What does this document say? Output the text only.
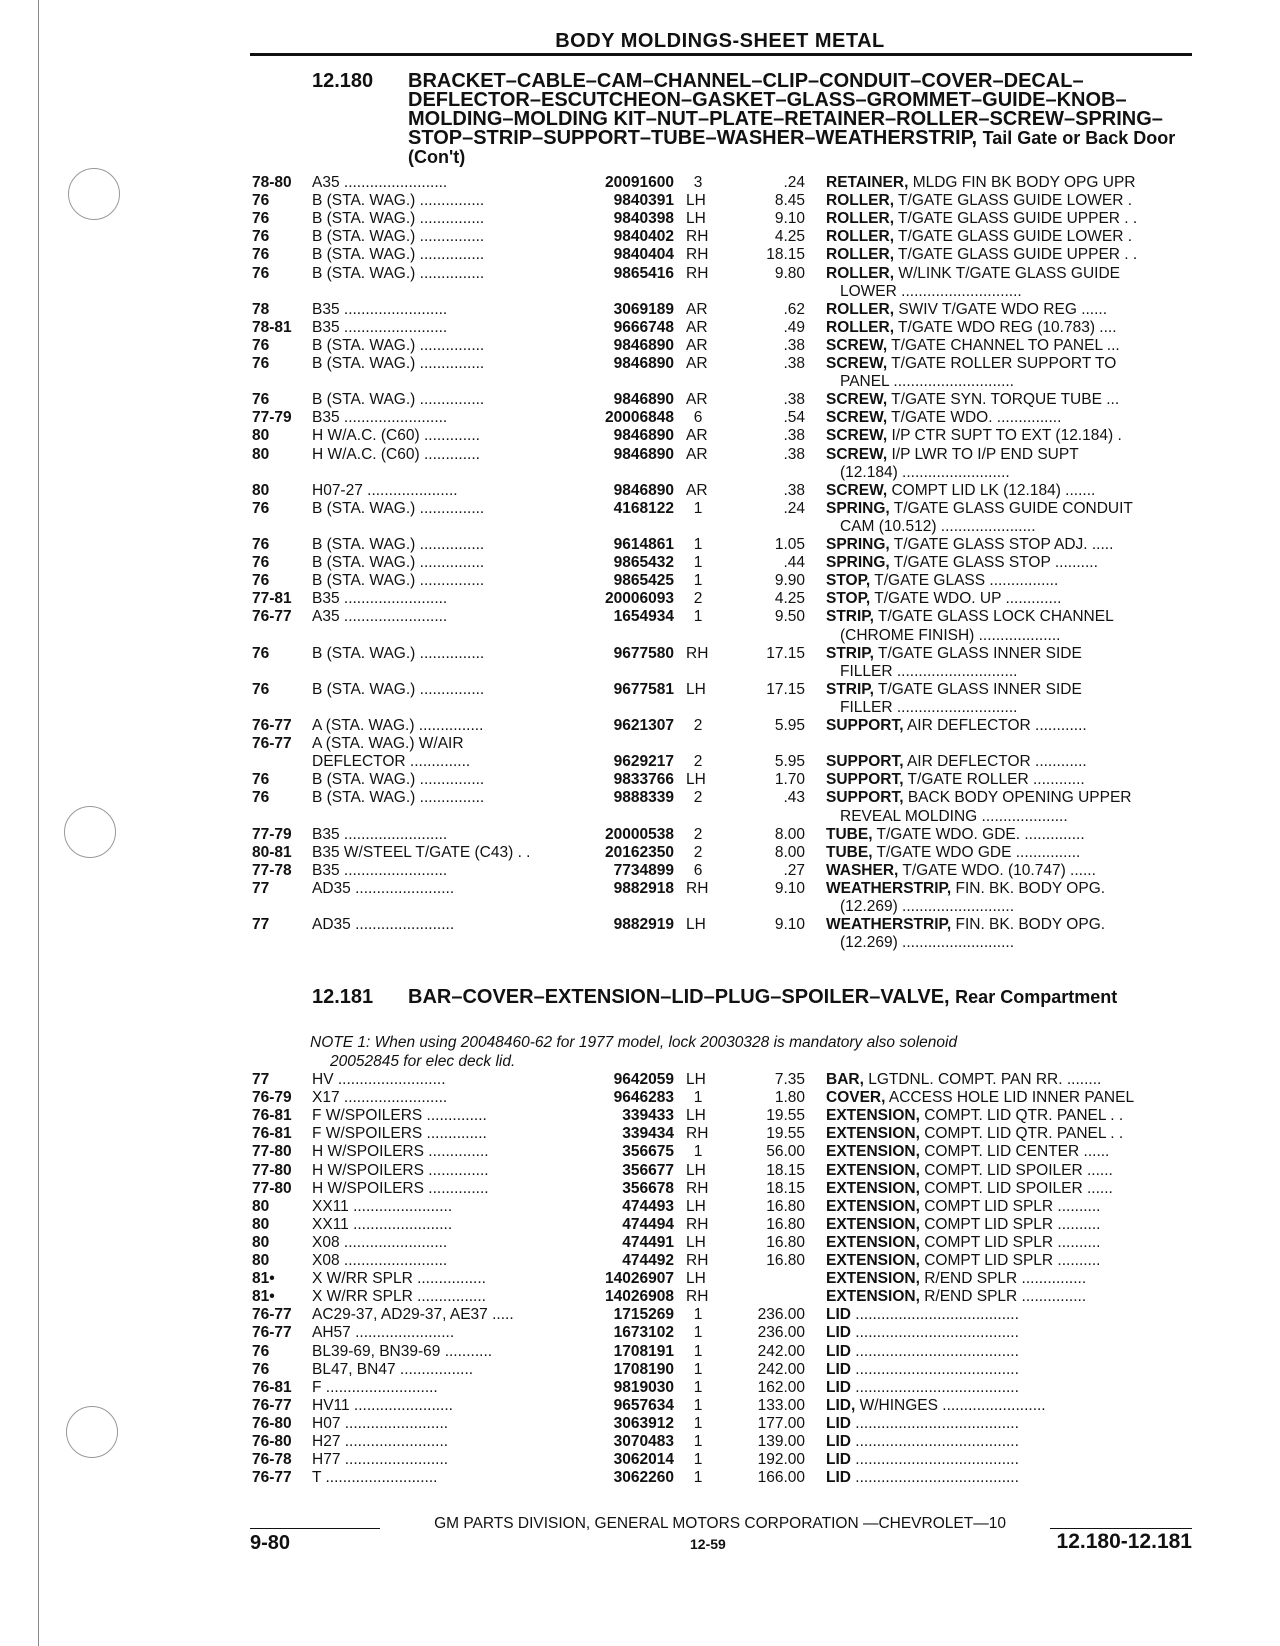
BODY MOLDINGS-SHEET METAL
12.180 BRACKET–CABLE–CAM–CHANNEL–CLIP–CONDUIT–COVER–DECAL–DEFLECTOR–ESCUTCHEON–GASKET–GLASS–GROMMET–GUIDE–KNOB–MOLDING–MOLDING KIT–NUT–PLATE–RETAINER–ROLLER–SCREW–SPRING–STOP–STRIP–SUPPORT–TUBE–WASHER–WEATHERSTRIP, Tail Gate or Back Door (Con't)
12.181 BAR–COVER–EXTENSION–LID–PLUG–SPOILER–VALVE, Rear Compartment
NOTE 1: When using 20048460-62 for 1977 model, lock 20030328 is mandatory also solenoid
20052845 for elec deck lid.
78-80 A35 ........................	20091600	3	.24 RETAINER, MLDG FIN BK BODY OPG UPR
76	B (STA. WAG.) ...............	9840391 LH	8.45 ROLLER, T/GATE GLASS GUIDE LOWER .
76	B (STA. WAG.) ...............	9840398 LH	9.10 ROLLER, T/GATE GLASS GUIDE UPPER . .
76	B (STA. WAG.) ...............	9840402 RH	4.25 ROLLER, T/GATE GLASS GUIDE LOWER .
76	B (STA. WAG.) ...............	9840404 RH	18.15 ROLLER, T/GATE GLASS GUIDE UPPER . .
76	B (STA. WAG.) ...............	9865416 RH	9.80 ROLLER, W/LINK T/GATE GLASS GUIDE
LOWER ............................
78	B35 ........................	3069189 AR	.62 ROLLER, SWIV T/GATE WDO REG ......
78-81 B35 ........................	9666748 AR	.49 ROLLER, T/GATE WDO REG (10.783) ....
76	B (STA. WAG.) ...............	9846890 AR	.38 SCREW, T/GATE CHANNEL TO PANEL ...
76	B (STA. WAG.) ...............	9846890 AR	.38 SCREW, T/GATE ROLLER SUPPORT TO
PANEL ............................
76	B (STA. WAG.) ...............	9846890 AR	.38 SCREW, T/GATE SYN. TORQUE TUBE ...
77-79 B35 ........................	20006848	6	.54 SCREW, T/GATE WDO. ...............
80	H W/A.C. (C60) .............	9846890 AR	.38 SCREW, I/P CTR SUPT TO EXT (12.184) .
80	H W/A.C. (C60) .............	9846890 AR	.38 SCREW, I/P LWR TO I/P END SUPT
(12.184) .........................
80	H07-27 .....................	9846890 AR	.38 SCREW, COMPT LID LK (12.184) .......
76	B (STA. WAG.) ...............	4168122	1	.24 SPRING, T/GATE GLASS GUIDE CONDUIT
CAM (10.512) ......................
76	B (STA. WAG.) ...............	9614861	1	1.05 SPRING, T/GATE GLASS STOP ADJ. .....
76	B (STA. WAG.) ...............	9865432	1	.44 SPRING, T/GATE GLASS STOP ..........
76	B (STA. WAG.) ...............	9865425	1	9.90 STOP, T/GATE GLASS ................
77-81 B35 ........................	20006093	2	4.25 STOP, T/GATE WDO. UP .............
76-77 A35 ........................	1654934	1	9.50 STRIP, T/GATE GLASS LOCK CHANNEL
(CHROME FINISH) ...................
76	B (STA. WAG.) ...............	9677580 RH	17.15 STRIP, T/GATE GLASS INNER SIDE
FILLER ............................
76	B (STA. WAG.) ...............	9677581 LH	17.15 STRIP, T/GATE GLASS INNER SIDE
FILLER ............................
76-77 A (STA. WAG.) ...............	9621307	2	5.95 SUPPORT, AIR DEFLECTOR ............
76-77 A (STA. WAG.) W/AIR
DEFLECTOR ..............	9629217	2	5.95 SUPPORT, AIR DEFLECTOR ............
76	B (STA. WAG.) ...............	9833766 LH	1.70 SUPPORT, T/GATE ROLLER ............
76	B (STA. WAG.) ...............	9888339	2	.43 SUPPORT, BACK BODY OPENING UPPER
REVEAL MOLDING ....................
77-79 B35 ........................	20000538	2	8.00 TUBE, T/GATE WDO. GDE. ..............
80-81 B35 W/STEEL T/GATE (C43) . .	20162350	2	8.00 TUBE, T/GATE WDO GDE ...............
77-78 B35 ........................	7734899	6	.27 WASHER, T/GATE WDO. (10.747) ......
77	AD35 .......................	9882918 RH	9.10 WEATHERSTRIP, FIN. BK. BODY OPG.
(12.269) ..........................
77	AD35 .......................	9882919 LH	9.10 WEATHERSTRIP, FIN. BK. BODY OPG.
(12.269) ..........................
77	HV .........................	9642059 LH	7.35 BAR, LGTDNL. COMPT. PAN RR. ........
76-79 X17 ........................	9646283	1	1.80 COVER, ACCESS HOLE LID INNER PANEL
76-81 F W/SPOILERS ..............	339433 LH	19.55 EXTENSION, COMPT. LID QTR. PANEL . .
76-81 F W/SPOILERS ..............	339434 RH	19.55 EXTENSION, COMPT. LID QTR. PANEL . .
77-80 H W/SPOILERS ..............	356675	1	56.00 EXTENSION, COMPT. LID CENTER ......
77-80 H W/SPOILERS ..............	356677 LH	18.15 EXTENSION, COMPT. LID SPOILER ......
77-80 H W/SPOILERS ..............	356678 RH	18.15 EXTENSION, COMPT. LID SPOILER ......
80	XX11 .......................	474493 LH	16.80 EXTENSION, COMPT LID SPLR ..........
80	XX11 .......................	474494 RH	16.80 EXTENSION, COMPT LID SPLR ..........
80	X08 ........................	474491 LH	16.80 EXTENSION, COMPT LID SPLR ..........
80	X08 ........................	474492 RH	16.80 EXTENSION, COMPT LID SPLR ..........
81• X W/RR SPLR ................	14026907 LH	EXTENSION, R/END SPLR ...............
81• X W/RR SPLR ................	14026908 RH	EXTENSION, R/END SPLR ...............
76-77 AC29-37, AD29-37, AE37 .....	1715269	1	236.00 LID ......................................
76-77 AH57 .......................	1673102	1	236.00 LID ......................................
76	BL39-69, BN39-69 ...........	1708191	1	242.00 LID ......................................
76	BL47, BN47 .................	1708190	1	242.00 LID ......................................
76-81 F ..........................	9819030	1	162.00 LID ......................................
76-77 HV11 .......................	9657634	1	133.00 LID, W/HINGES ........................
76-80 H07 ........................	3063912	1	177.00 LID ......................................
76-80 H27 ........................	3070483	1	139.00 LID ......................................
76-78 H77 ........................	3062014	1	192.00 LID ......................................
76-77 T ..........................	3062260	1	166.00 LID ......................................
GM PARTS DIVISION, GENERAL MOTORS CORPORATION —CHEVROLET—10
9-80	12-59	12.180-12.181
